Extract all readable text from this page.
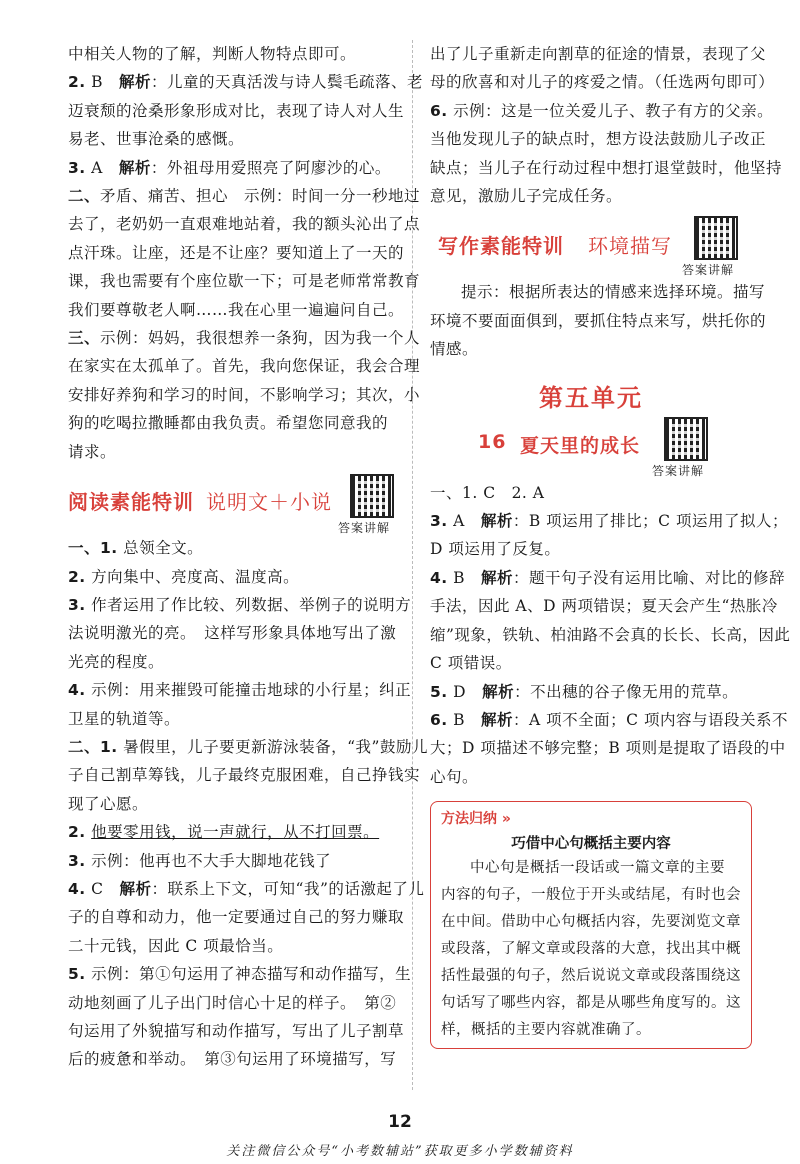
中相关人物的了解，判断人物特点即可。
2. B　 解析：儿童的天真活泼与诗人鬓毛疏落、老
迈衰颓的沧桑形象形成对比，表现了诗人对人生
易老、世事沧桑的感慨。
3. A　 解析：外祖母用爱照亮了阿廖沙的心。
二、矛盾、痛苦、担心　示例：时间一分一秒地过
去了，老奶奶一直艰难地站着，我的额头沁出了点
点汗珠。让座，还是不让座？要知道上了一天的
课，我也需要有个座位歇一下；可是老师常常教育
我们要尊敬老人啊……我在心里一遍遍问自己。
三、示例：妈妈，我很想养一条狗，因为我一个人
在家实在太孤单了。首先，我向您保证，我会合理
安排好养狗和学习的时间，不影响学习；其次，小
狗的吃喝拉撒睡都由我负责。希望您同意我的
请求。
阅读素能特训 说明文＋小说
答案讲解
一、1. 总领全文。
2. 方向集中、亮度高、温度高。
3. 作者运用了作比较、列数据、举例子的说明方
法说明激光的亮。　这样写形象具体地写出了激
光亮的程度。
4. 示例：用来摧毁可能撞击地球的小行星；纠正
卫星的轨道等。
二、1. 暑假里，儿子要更新游泳装备，“我”鼓励儿
子自己割草筹钱，儿子最终克服困难，自己挣钱实
现了心愿。
2. 他要零用钱，说一声就行，从不打回票。
3. 示例：他再也不大手大脚地花钱了
4. C　 解析：联系上下文，可知“我”的话激起了儿
子的自尊和动力，他一定要通过自己的努力赚取
二十元钱，因此 C 项最恰当。
5. 示例：第①句运用了神态描写和动作描写，生
动地刻画了儿子出门时信心十足的样子。　第②
句运用了外貌描写和动作描写，写出了儿子割草
后的疲惫和举动。　第③句运用了环境描写，写
出了儿子重新走向割草的征途的情景，表现了父
母的欣喜和对儿子的疼爱之情。（任选两句即可）
6. 示例：这是一位关爱儿子、教子有方的父亲。
当他发现儿子的缺点时，想方设法鼓励儿子改正
缺点；当儿子在行动过程中想打退堂鼓时，他坚持
意见，激励儿子完成任务。
写作素能特训 环境描写
答案讲解
提示：根据所表达的情感来选择环境。描写
环境不要面面俱到，要抓住特点来写，烘托你的
情感。
第五单元
16 夏天里的成长
答案讲解
一、1. C　2. A
3. A　 解析：B 项运用了排比；C 项运用了拟人；
D 项运用了反复。
4. B　 解析：题干句子没有运用比喻、对比的修辞
手法，因此 A、D 两项错误；夏天会产生“热胀冷
缩”现象，铁轨、柏油路不会真的长长、长高，因此
C 项错误。
5. D　 解析：不出穗的谷子像无用的荒草。
6. B　 解析：A 项不全面；C 项内容与语段关系不
大；D 项描述不够完整；B 项则是提取了语段的中
心句。
方法归纳 »
巧借中心句概括主要内容
中心句是概括一段话或一篇文章的主要
内容的句子，一般位于开头或结尾，有时也会
在中间。借助中心句概括内容，先要浏览文章
或段落，了解文章或段落的大意，找出其中概
括性最强的句子，然后说说文章或段落围绕这
句话写了哪些内容，都是从哪些角度写的。这
样，概括的主要内容就准确了。
12
关注微信公众号“小考数辅站”获取更多小学数辅资料
